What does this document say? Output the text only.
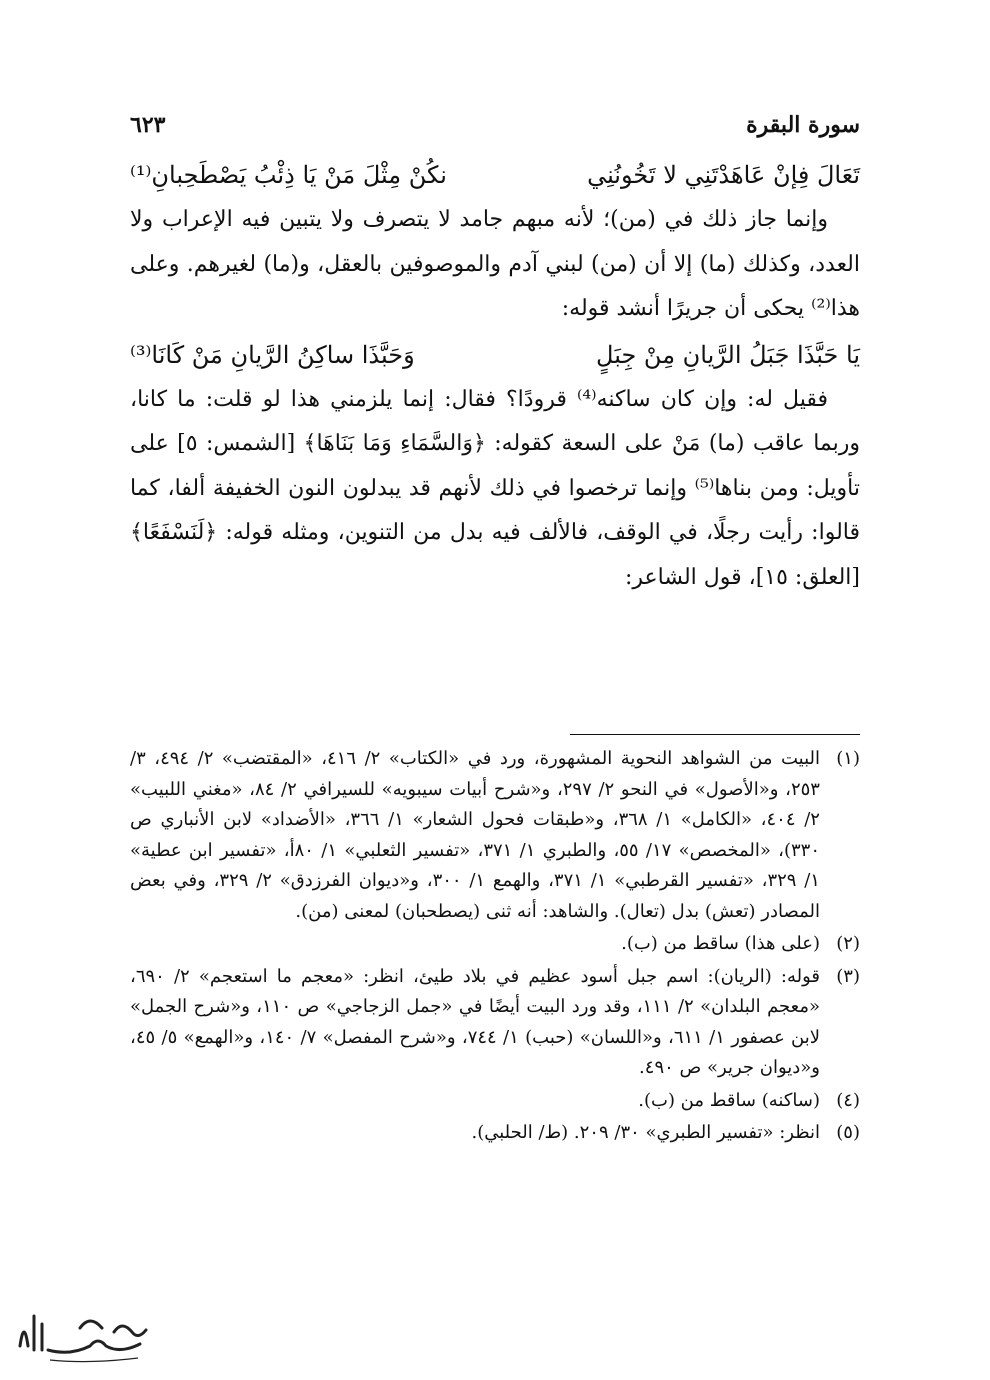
سورة البقرة
٦٢٣
تَعَالَ فِإنْ عَاهَدْتَنِي لا تَخُونُنِي
نكُنْ مِثْلَ مَنْ يَا ذِئْبُ يَصْطَحِبانِ⁽¹⁾

وإنما جاز ذلك في (من)؛ لأنه مبهم جامد لا يتصرف ولا يتبين فيه الإعراب ولا العدد، وكذلك (ما) إلا أن (من) لبني آدم والموصوفين بالعقل، و(ما) لغيرهم. وعلى هذا⁽²⁾ يحكى أن جريرًا أنشد قوله:

يَا حَبَّذَا جَبَلُ الرَّيانِ مِنْ جِبَلٍ
وَحَبَّذَا ساكِنُ الرَّيانِ مَنْ كَانَا⁽³⁾

فقيل له: وإن كان ساكنه⁽⁴⁾ قرودًا؟ فقال: إنما يلزمني هذا لو قلت: ما كانا، وربما عاقب (ما) مَنْ على السعة كقوله: ﴿وَالسَّمَاءِ وَمَا بَنَاهَا﴾ [الشمس: ٥] على تأويل: ومن بناها⁽⁵⁾ وإنما ترخصوا في ذلك لأنهم قد يبدلون النون الخفيفة ألفا، كما قالوا: رأيت رجلًا، في الوقف، فالألف فيه بدل من التنوين، ومثله قوله: ﴿لَنَسْفَعًا﴾ [العلق: ١٥]، قول الشاعر:

(١)
البيت من الشواهد النحوية المشهورة، ورد في «الكتاب» ٢/ ٤١٦، «المقتضب» ٢/ ٤٩٤، ٣/ ٢٥٣، و«الأصول» في النحو ٢/ ٢٩٧، و«شرح أبيات سيبويه» للسيرافي ٢/ ٨٤، «مغني اللبيب» ٢/ ٤٠٤، «الكامل» ١/ ٣٦٨، و«طبقات فحول الشعار» ١/ ٣٦٦، «الأضداد» لابن الأنباري ص ٣٣٠)، «المخصص» ١٧/ ٥٥، والطبري ١/ ٣٧١، «تفسير الثعلبي» ١/ ٨٠أ، «تفسير ابن عطية» ١/ ٣٢٩، «تفسير القرطبي» ١/ ٣٧١، والهمع ١/ ٣٠٠، و«ديوان الفرزدق» ٢/ ٣٢٩، وفي بعض المصادر (تعش) بدل (تعال). والشاهد: أنه ثنى (يصطحبان) لمعنى (من).
(٢)
(على هذا) ساقط من (ب).
(٣)
قوله: (الريان): اسم جبل أسود عظيم في بلاد طيئ، انظر: «معجم ما استعجم» ٢/ ٦٩٠، «معجم البلدان» ٢/ ١١١، وقد ورد البيت أيضًا في «جمل الزجاجي» ص ١١٠، و«شرح الجمل» لابن عصفور ١/ ٦١١، و«اللسان» (حبب) ١/ ٧٤٤، و«شرح المفصل» ٧/ ١٤٠، و«الهمع» ٥/ ٤٥، و«ديوان جرير» ص ٤٩٠.
(٤)
(ساكنه) ساقط من (ب).
(٥)
انظر: «تفسير الطبري» ٣٠/ ٢٠٩. (ط/ الحلبي).
